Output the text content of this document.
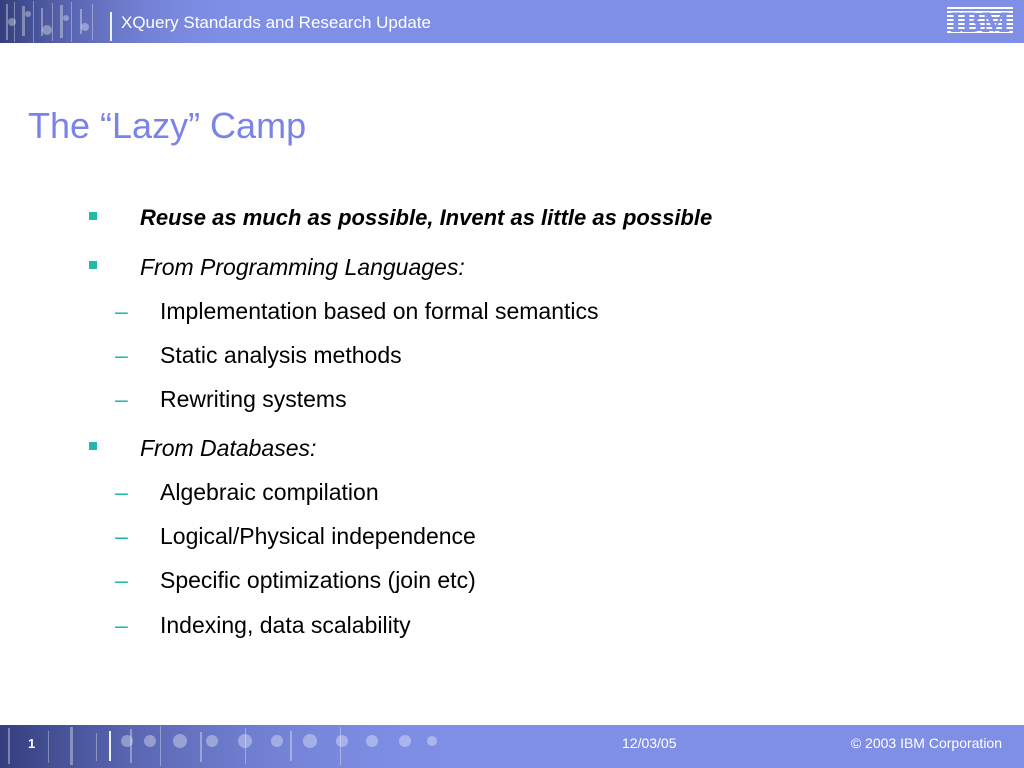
XQuery Standards and Research Update	IBM
The “Lazy” Camp
Reuse as much as possible, Invent as little as possible
From Programming Languages:
– Implementation based on formal semantics
– Static analysis methods
– Rewriting systems
From Databases:
– Algebraic compilation
– Logical/Physical independence
– Specific optimizations (join etc)
– Indexing, data scalability
1	12/03/05	© 2003 IBM Corporation
